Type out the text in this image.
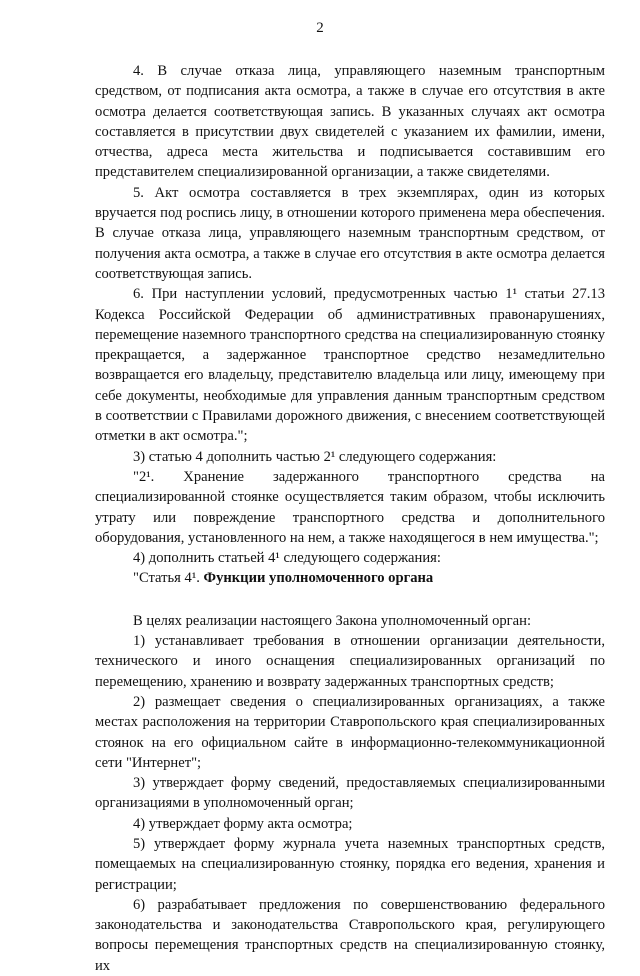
2

4. В случае отказа лица, управляющего наземным транспортным средством, от подписания акта осмотра, а также в случае его отсутствия в акте осмотра делается соответствующая запись. В указанных случаях акт осмотра составляется в присутствии двух свидетелей с указанием их фамилии, имени, отчества, адреса места жительства и подписывается составившим его представителем специализированной организации, а также свидетелями.

5. Акт осмотра составляется в трех экземплярах, один из которых вручается под роспись лицу, в отношении которого применена мера обеспечения. В случае отказа лица, управляющего наземным транспортным средством, от получения акта осмотра, а также в случае его отсутствия в акте осмотра делается соответствующая запись.

6. При наступлении условий, предусмотренных частью 1¹ статьи 27.13 Кодекса Российской Федерации об административных правонарушениях, перемещение наземного транспортного средства на специализированную стоянку прекращается, а задержанное транспортное средство незамедлительно возвращается его владельцу, представителю владельца или лицу, имеющему при себе документы, необходимые для управления данным транспортным средством в соответствии с Правилами дорожного движения, с внесением соответствующей отметки в акт осмотра.";

3) статью 4 дополнить частью 2¹ следующего содержания:

"2¹. Хранение задержанного транспортного средства на специализированной стоянке осуществляется таким образом, чтобы исключить утрату или повреждение транспортного средства и дополнительного оборудования, установленного на нем, а также находящегося в нем имущества.";

4) дополнить статьей 4¹ следующего содержания:

"Статья 4¹. Функции уполномоченного органа

В целях реализации настоящего Закона уполномоченный орган:

1) устанавливает требования в отношении организации деятельности, технического и иного оснащения специализированных организаций по перемещению, хранению и возврату задержанных транспортных средств;

2) размещает сведения о специализированных организациях, а также местах расположения на территории Ставропольского края специализированных стоянок на его официальном сайте в информационно-телекоммуникационной сети "Интернет";

3) утверждает форму сведений, предоставляемых специализированными организациями в уполномоченный орган;

4) утверждает форму акта осмотра;

5) утверждает форму журнала учета наземных транспортных средств, помещаемых на специализированную стоянку, порядка его ведения, хранения и регистрации;

6) разрабатывает предложения по совершенствованию федерального законодательства и законодательства Ставропольского края, регулирующего вопросы перемещения транспортных средств на специализированную стоянку, их
